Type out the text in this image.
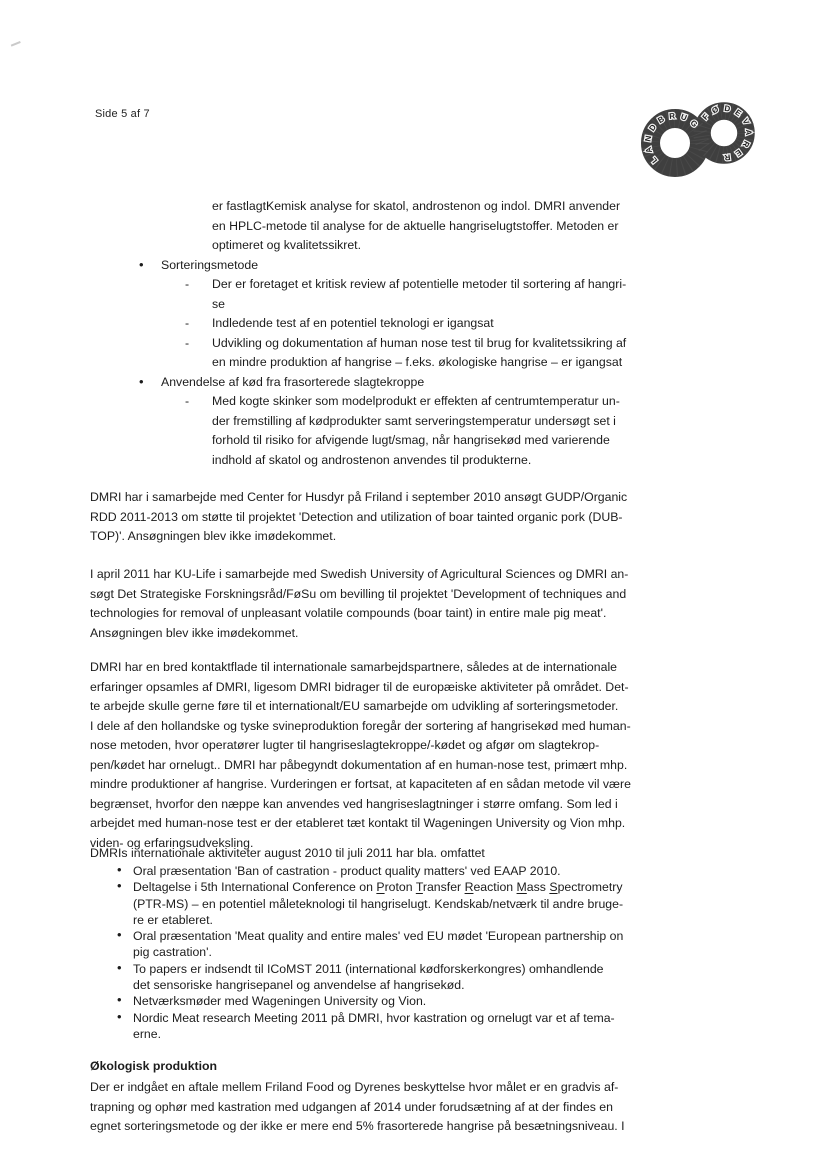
Side 5 af 7
LANDBRUG
FØDEVARER
er fastlagtKemisk analyse for skatol, androstenon og indol. DMRI anvender
en HPLC-metode til analyse for de aktuelle hangriselugtstoffer. Metoden er
optimeret og kvalitetssikret.
• Sorteringsmetode
- Der er foretaget et kritisk review af potentielle metoder til sortering af hangri-
se
- Indledende test af en potentiel teknologi er igangsat
- Udvikling og dokumentation af human nose test til brug for kvalitetssikring af
en mindre produktion af hangrise – f.eks. økologiske hangrise – er igangsat
• Anvendelse af kød fra frasorterede slagtekroppe
- Med kogte skinker som modelprodukt er effekten af centrumtemperatur un-
der fremstilling af kødprodukter samt serveringstemperatur undersøgt set i
forhold til risiko for afvigende lugt/smag, når hangrisekød med varierende
indhold af skatol og androstenon anvendes til produkterne.
DMRI har i samarbejde med Center for Husdyr på Friland i september 2010 ansøgt GUDP/Organic
RDD 2011-2013 om støtte til projektet 'Detection and utilization of boar tainted organic pork (DUB-
TOP)'. Ansøgningen blev ikke imødekommet.
I april 2011 har KU-Life i samarbejde med Swedish University of Agricultural Sciences og DMRI an-
søgt Det Strategiske Forskningsråd/FøSu om bevilling til projektet 'Development of techniques and
technologies for removal of unpleasant volatile compounds (boar taint) in entire male pig meat'.
Ansøgningen blev ikke imødekommet.
DMRI har en bred kontaktflade til internationale samarbejdspartnere, således at de internationale
erfaringer opsamles af DMRI, ligesom DMRI bidrager til de europæiske aktiviteter på området. Det-
te arbejde skulle gerne føre til et internationalt/EU samarbejde om udvikling af sorteringsmetoder.
I dele af den hollandske og tyske svineproduktion foregår der sortering af hangrisekød med human-
nose metoden, hvor operatører lugter til hangriseslagtekroppe/-kødet og afgør om slagtekrop-
pen/kødet har ornelugt.. DMRI har påbegyndt dokumentation af en human-nose test, primært mhp.
mindre produktioner af hangrise. Vurderingen er fortsat, at kapaciteten af en sådan metode vil være
begrænset, hvorfor den næppe kan anvendes ved hangriseslagtninger i større omfang. Som led i
arbejdet med human-nose test er der etableret tæt kontakt til Wageningen University og Vion mhp.
viden- og erfaringsudveksling.
DMRIs internationale aktiviteter august 2010 til juli 2011 har bla. omfattet
• Oral præsentation 'Ban of castration - product quality matters' ved EAAP 2010.
• Deltagelse i 5th International Conference on Proton Transfer Reaction Mass Spectrometry
(PTR-MS) – en potentiel måleteknologi til hangriselugt. Kendskab/netværk til andre bruge-
re er etableret.
• Oral præsentation 'Meat quality and entire males' ved EU mødet 'European partnership on
pig castration'.
• To papers er indsendt til ICoMST 2011 (international kødforskerkongres) omhandlende
det sensoriske hangrisepanel og anvendelse af hangrisekød.
• Netværksmøder med Wageningen University og Vion.
• Nordic Meat research Meeting 2011 på DMRI, hvor kastration og ornelugt var et af tema-
erne.
Økologisk produktion
Der er indgået en aftale mellem Friland Food og Dyrenes beskyttelse hvor målet er en gradvis af-
trapning og ophør med kastration med udgangen af 2014 under forudsætning af at der findes en
egnet sorteringsmetode og der ikke er mere end 5% frasorterede hangrise på besætningsniveau. I
